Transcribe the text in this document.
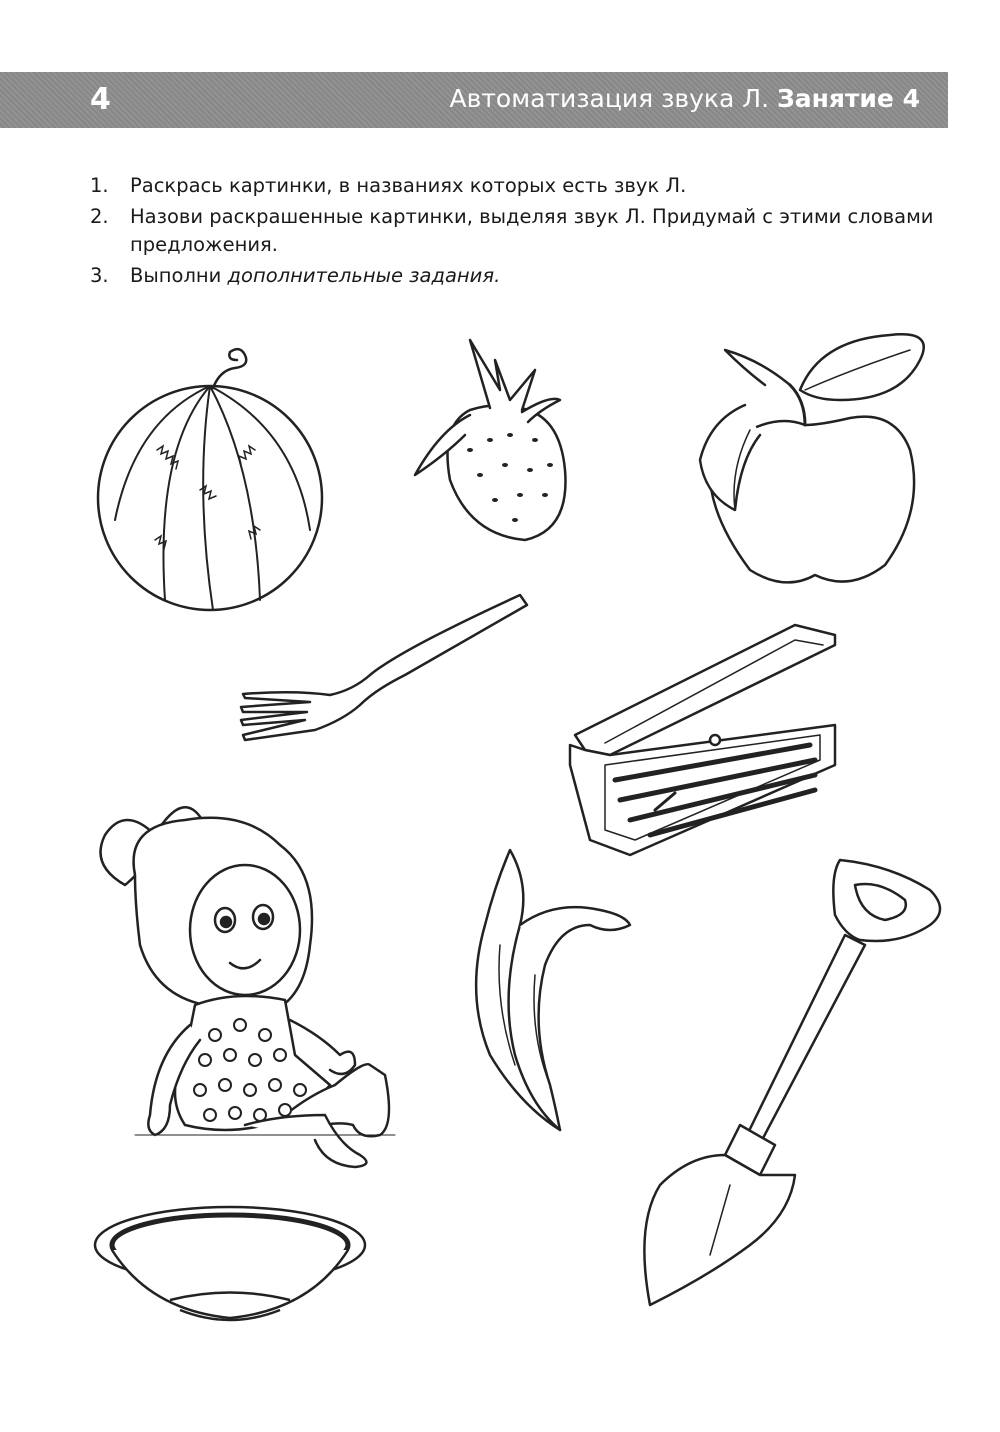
4	Автоматизация звука Л. Занятие 4
1. Раскрась картинки, в названиях которых есть звук Л.
2. Назови раскрашенные картинки, выделяя звук Л. Придумай с этими словами предложения.
3. Выполни дополнительные задания.
